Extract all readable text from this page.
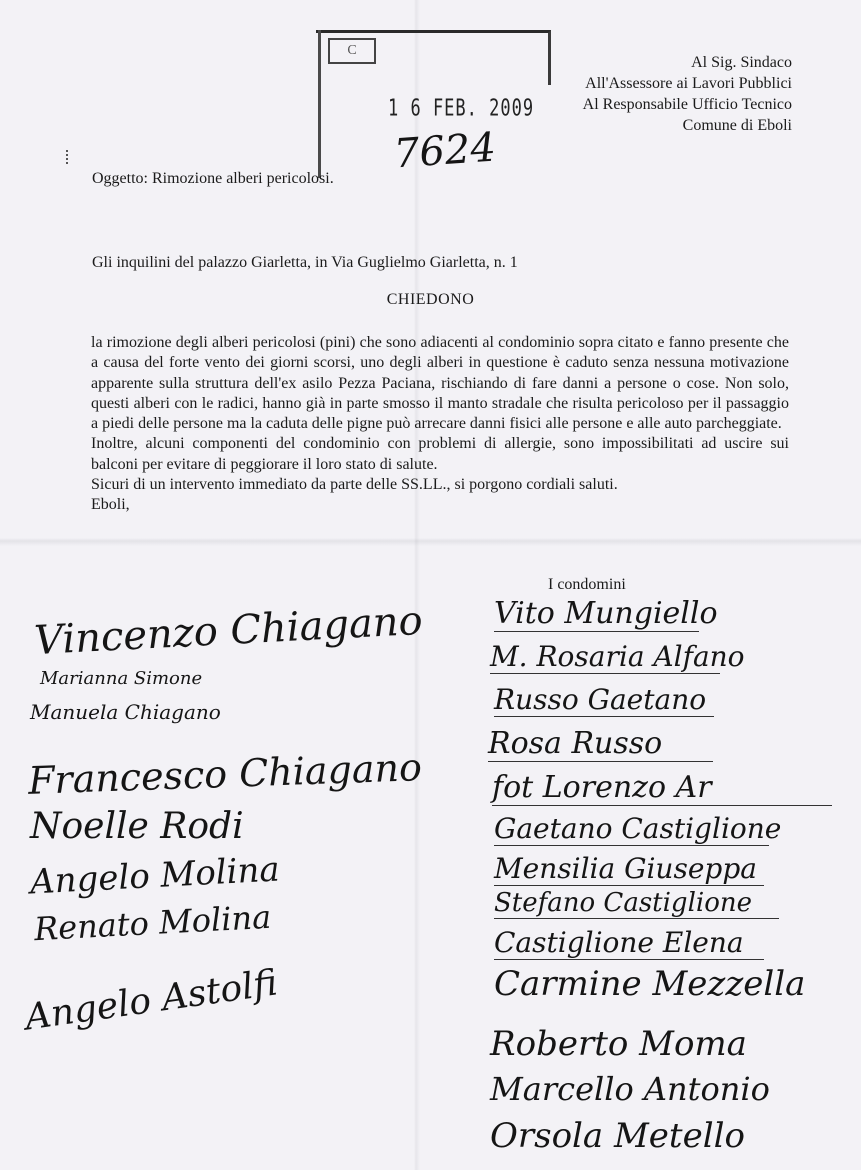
C
1 6 FEB. 2009
7624
Al Sig. Sindaco
All'Assessore ai Lavori Pubblici
Al Responsabile Ufficio Tecnico
Comune di Eboli
Oggetto: Rimozione alberi pericolosi.
Gli inquilini del palazzo Giarletta, in Via Guglielmo Giarletta, n. 1
CHIEDONO

la rimozione degli alberi pericolosi (pini) che sono adiacenti al condominio sopra citato e fanno presente che a causa del forte vento dei giorni scorsi, uno degli alberi in questione è caduto senza nessuna motivazione apparente sulla struttura dell'ex asilo Pezza Paciana, rischiando di fare danni a persone o cose. Non solo, questi alberi con le radici, hanno già in parte smosso il manto stradale che risulta pericoloso per il passaggio a piedi delle persone ma la caduta delle pigne può arrecare danni fisici alle persone e alle auto parcheggiate.

Inoltre, alcuni componenti del condominio con problemi di allergie, sono impossibilitati ad uscire sui balconi per evitare di peggiorare il loro stato di salute.

Sicuri di un intervento immediato da parte delle SS.LL., si porgono cordiali saluti.

Eboli,

I condomini
Vincenzo Chiagano
Marianna Simone
Manuela Chiagano
Francesco Chiagano
Noelle Rodi
Angelo Molina
Renato Molina
Angelo Astolfi
Vito Mungiello
M. Rosaria Alfano
Russo Gaetano
Rosa Russo
fot Lorenzo Ar
Gaetano Castiglione
Mensilia Giuseppa
Stefano Castiglione
Castiglione Elena
Carmine Mezzella
Roberto Moma
Marcello Antonio
Orsola Metello
